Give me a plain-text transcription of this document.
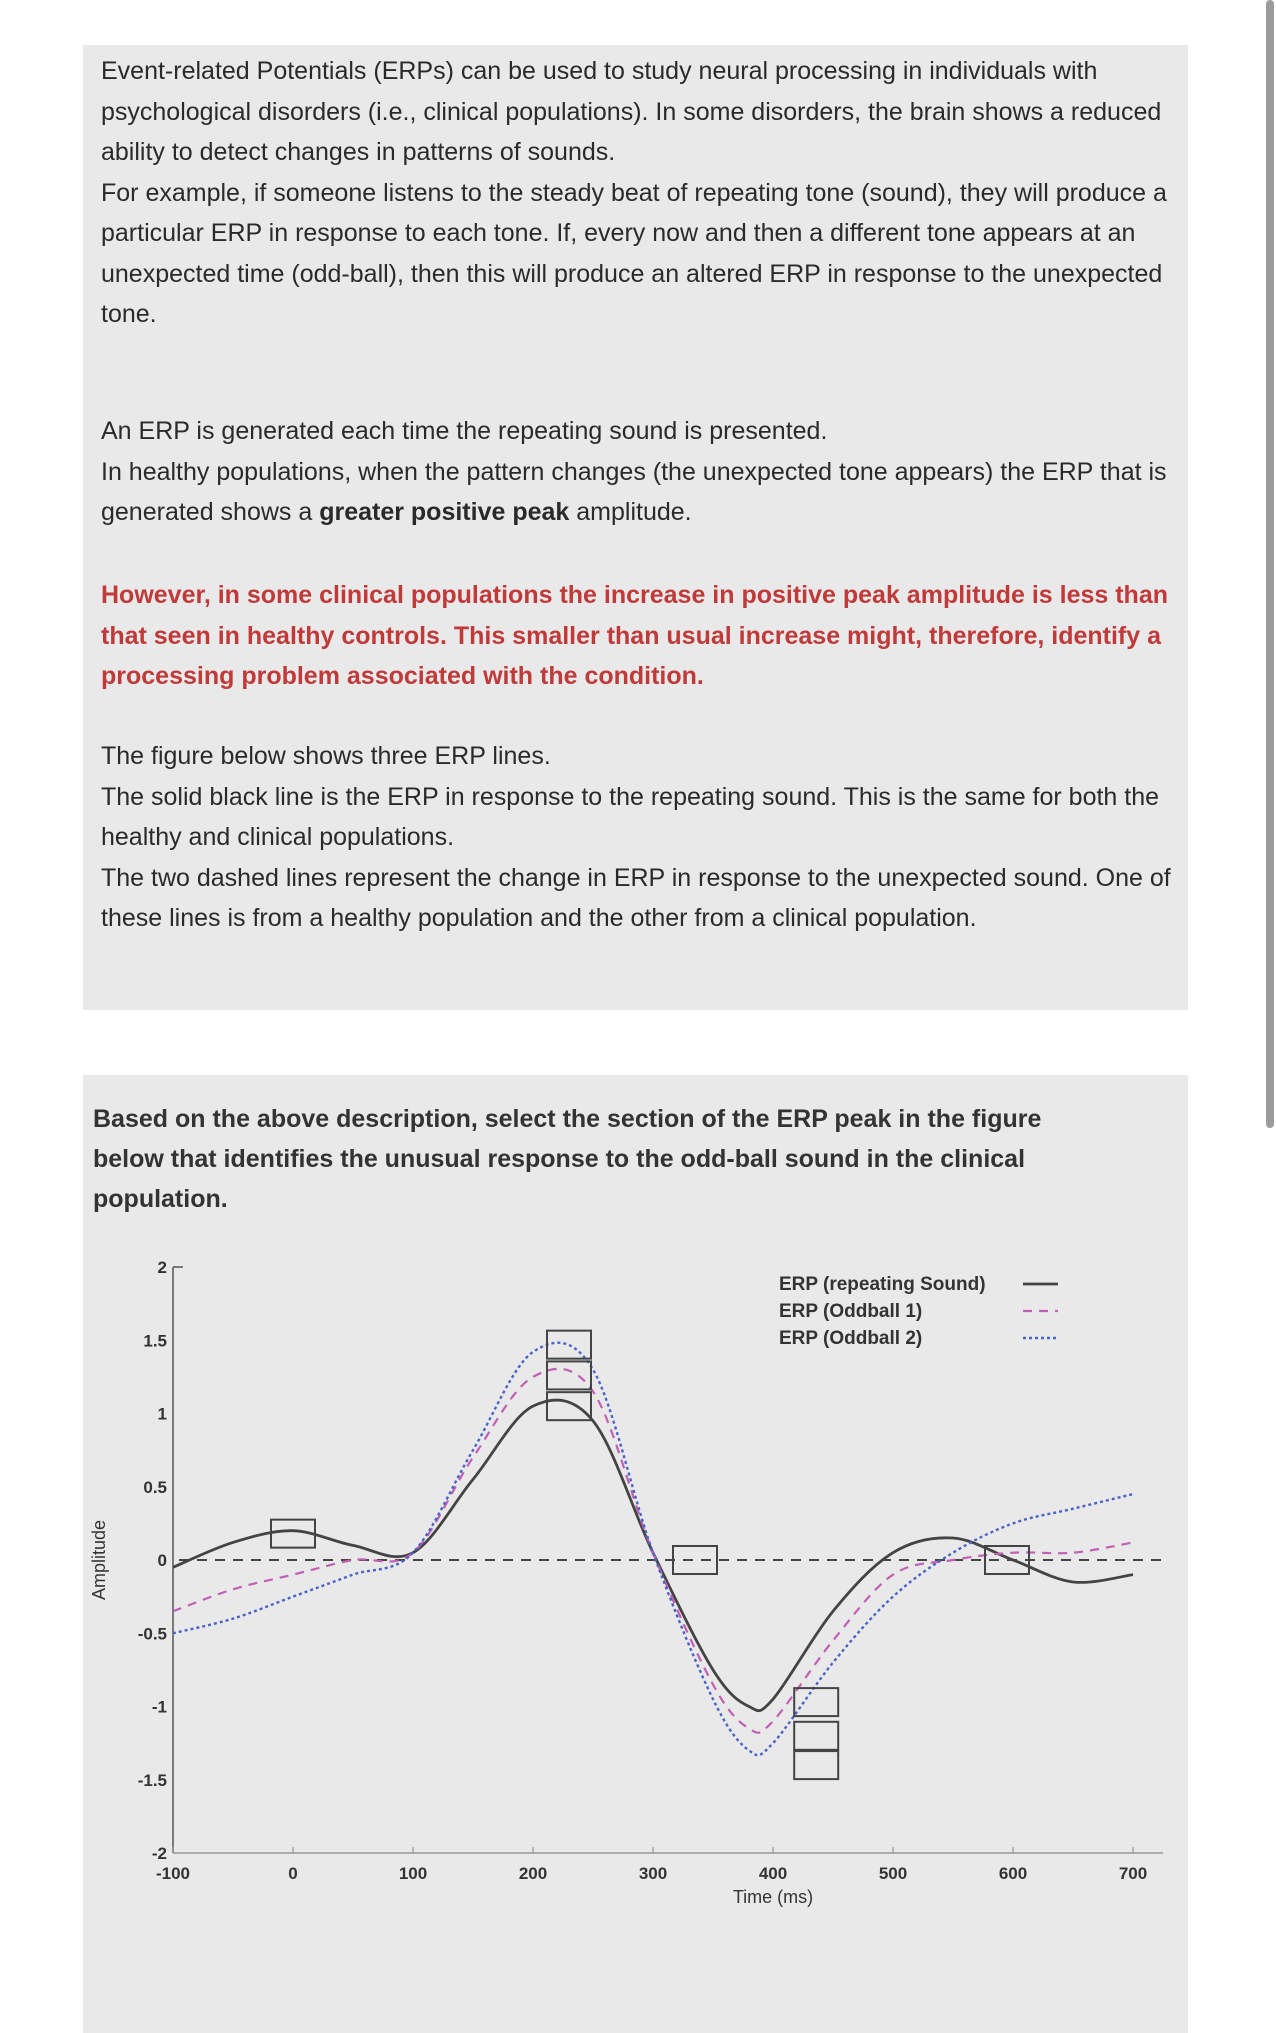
Event-related Potentials (ERPs) can be used to study neural processing in individuals with psychological disorders (i.e., clinical populations). In some disorders, the brain shows a reduced ability to detect changes in patterns of sounds.

For example, if someone listens to the steady beat of repeating tone (sound), they will produce a particular ERP in response to each tone. If, every now and then a different tone appears at an unexpected time (odd-ball), then this will produce an altered ERP in response to the unexpected tone.

An ERP is generated each time the repeating sound is presented.

In healthy populations, when the pattern changes (the unexpected tone appears) the ERP that is generated shows a greater positive peak amplitude.

However, in some clinical populations the increase in positive peak amplitude is less than that seen in healthy controls. This smaller than usual increase might, therefore, identify a processing problem associated with the condition.

The figure below shows three ERP lines.

The solid black line is the ERP in response to the repeating sound. This is the same for both the healthy and clinical populations.

The two dashed lines represent the change in ERP in response to the unexpected sound. One of these lines is from a healthy population and the other from a clinical population.

Based on the above description, select the section of the ERP peak in the figure below that identifies the unusual response to the odd-ball sound in the clinical population.
-2
-1.5
-1
-0.5
0
0.5
1
1.5
2
-100	0	100	200	300	400	500	600	700
Time (ms)
Amplitude
ERP (repeating Sound)
ERP (Oddball 1)
ERP (Oddball 2)
